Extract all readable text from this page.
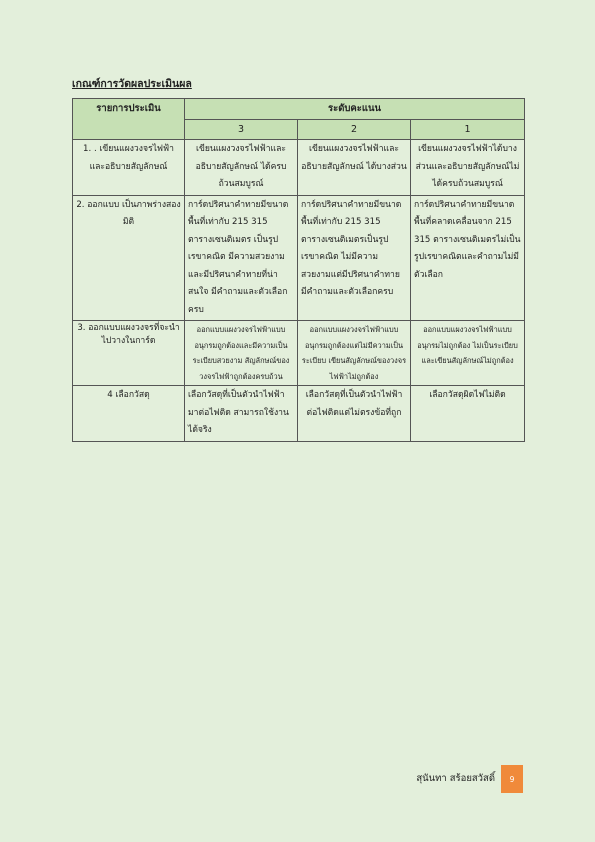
เกณฑ์การวัดผลประเมินผล
รายการประเมิน	ระดับคะแนน		
	3	2	1
1. . เขียนแผงวงจรไฟฟ้าและอธิบายสัญลักษณ์	เขียนแผงวงจรไฟฟ้าและอธิบายสัญลักษณ์ ได้ครบถ้วนสมบูรณ์	เขียนแผงวงจรไฟฟ้าและอธิบายสัญลักษณ์ ได้บางส่วน	เขียนแผงวงจรไฟฟ้าได้บางส่วนและอธิบายสัญลักษณ์ไม่ได้ครบถ้วนสมบูรณ์
2. ออกแบบ เป็นภาพร่างสองมิติ	การ์ดปริศนาคำทายมีขนาดพื้นที่เท่ากับ 215 315 ตารางเซนติเมตร เป็นรูปเรขาคณิต มีความสวยงามและมีปริศนาคำทายที่น่าสนใจ มีคำถามและตัวเลือกครบ	การ์ดปริศนาคำทายมีขนาดพื้นที่เท่ากับ 215 315 ตารางเซนติเมตรเป็นรูปเรขาคณิต ไม่มีความสวยงามแต่มีปริศนาคำทาย มีคำถามและตัวเลือกครบ	การ์ดปริศนาคำทายมีขนาดพื้นที่คลาดเคลื่อนจาก 215 315 ตารางเซนติเมตรไม่เป็นรูปเรขาคณิตและคำถามไม่มีตัวเลือก
3. ออกแบบแผงวงจรที่จะนำไปวางในการ์ด	ออกแบบแผงวงจรไฟฟ้าแบบอนุกรมถูกต้องและมีความเป็นระเบียบสวยงาม สัญลักษณ์ของวงจรไฟฟ้าถูกต้องครบถ้วน	ออกแบบแผงวงจรไฟฟ้าแบบอนุกรมถูกต้องแต่ไม่มีความเป็นระเบียบ เขียนสัญลักษณ์ของวงจรไฟฟ้าไม่ถูกต้อง	ออกแบบแผงวงจรไฟฟ้าแบบอนุกรมไม่ถูกต้อง ไม่เป็นระเบียบและเขียนสัญลักษณ์ไม่ถูกต้อง
4 เลือกวัสดุ	เลือกวัสดุที่เป็นตัวนำไฟฟ้ามาต่อไฟติด สามารถใช้งานได้จริง	เลือกวัสดุที่เป็นตัวนำไฟฟ้าต่อไฟติดแต่ไม่ตรงข้อที่ถูก	เลือกวัสดุผิดไฟไม่ติด
สุนันทา สร้อยสวัสดิ์ 9
